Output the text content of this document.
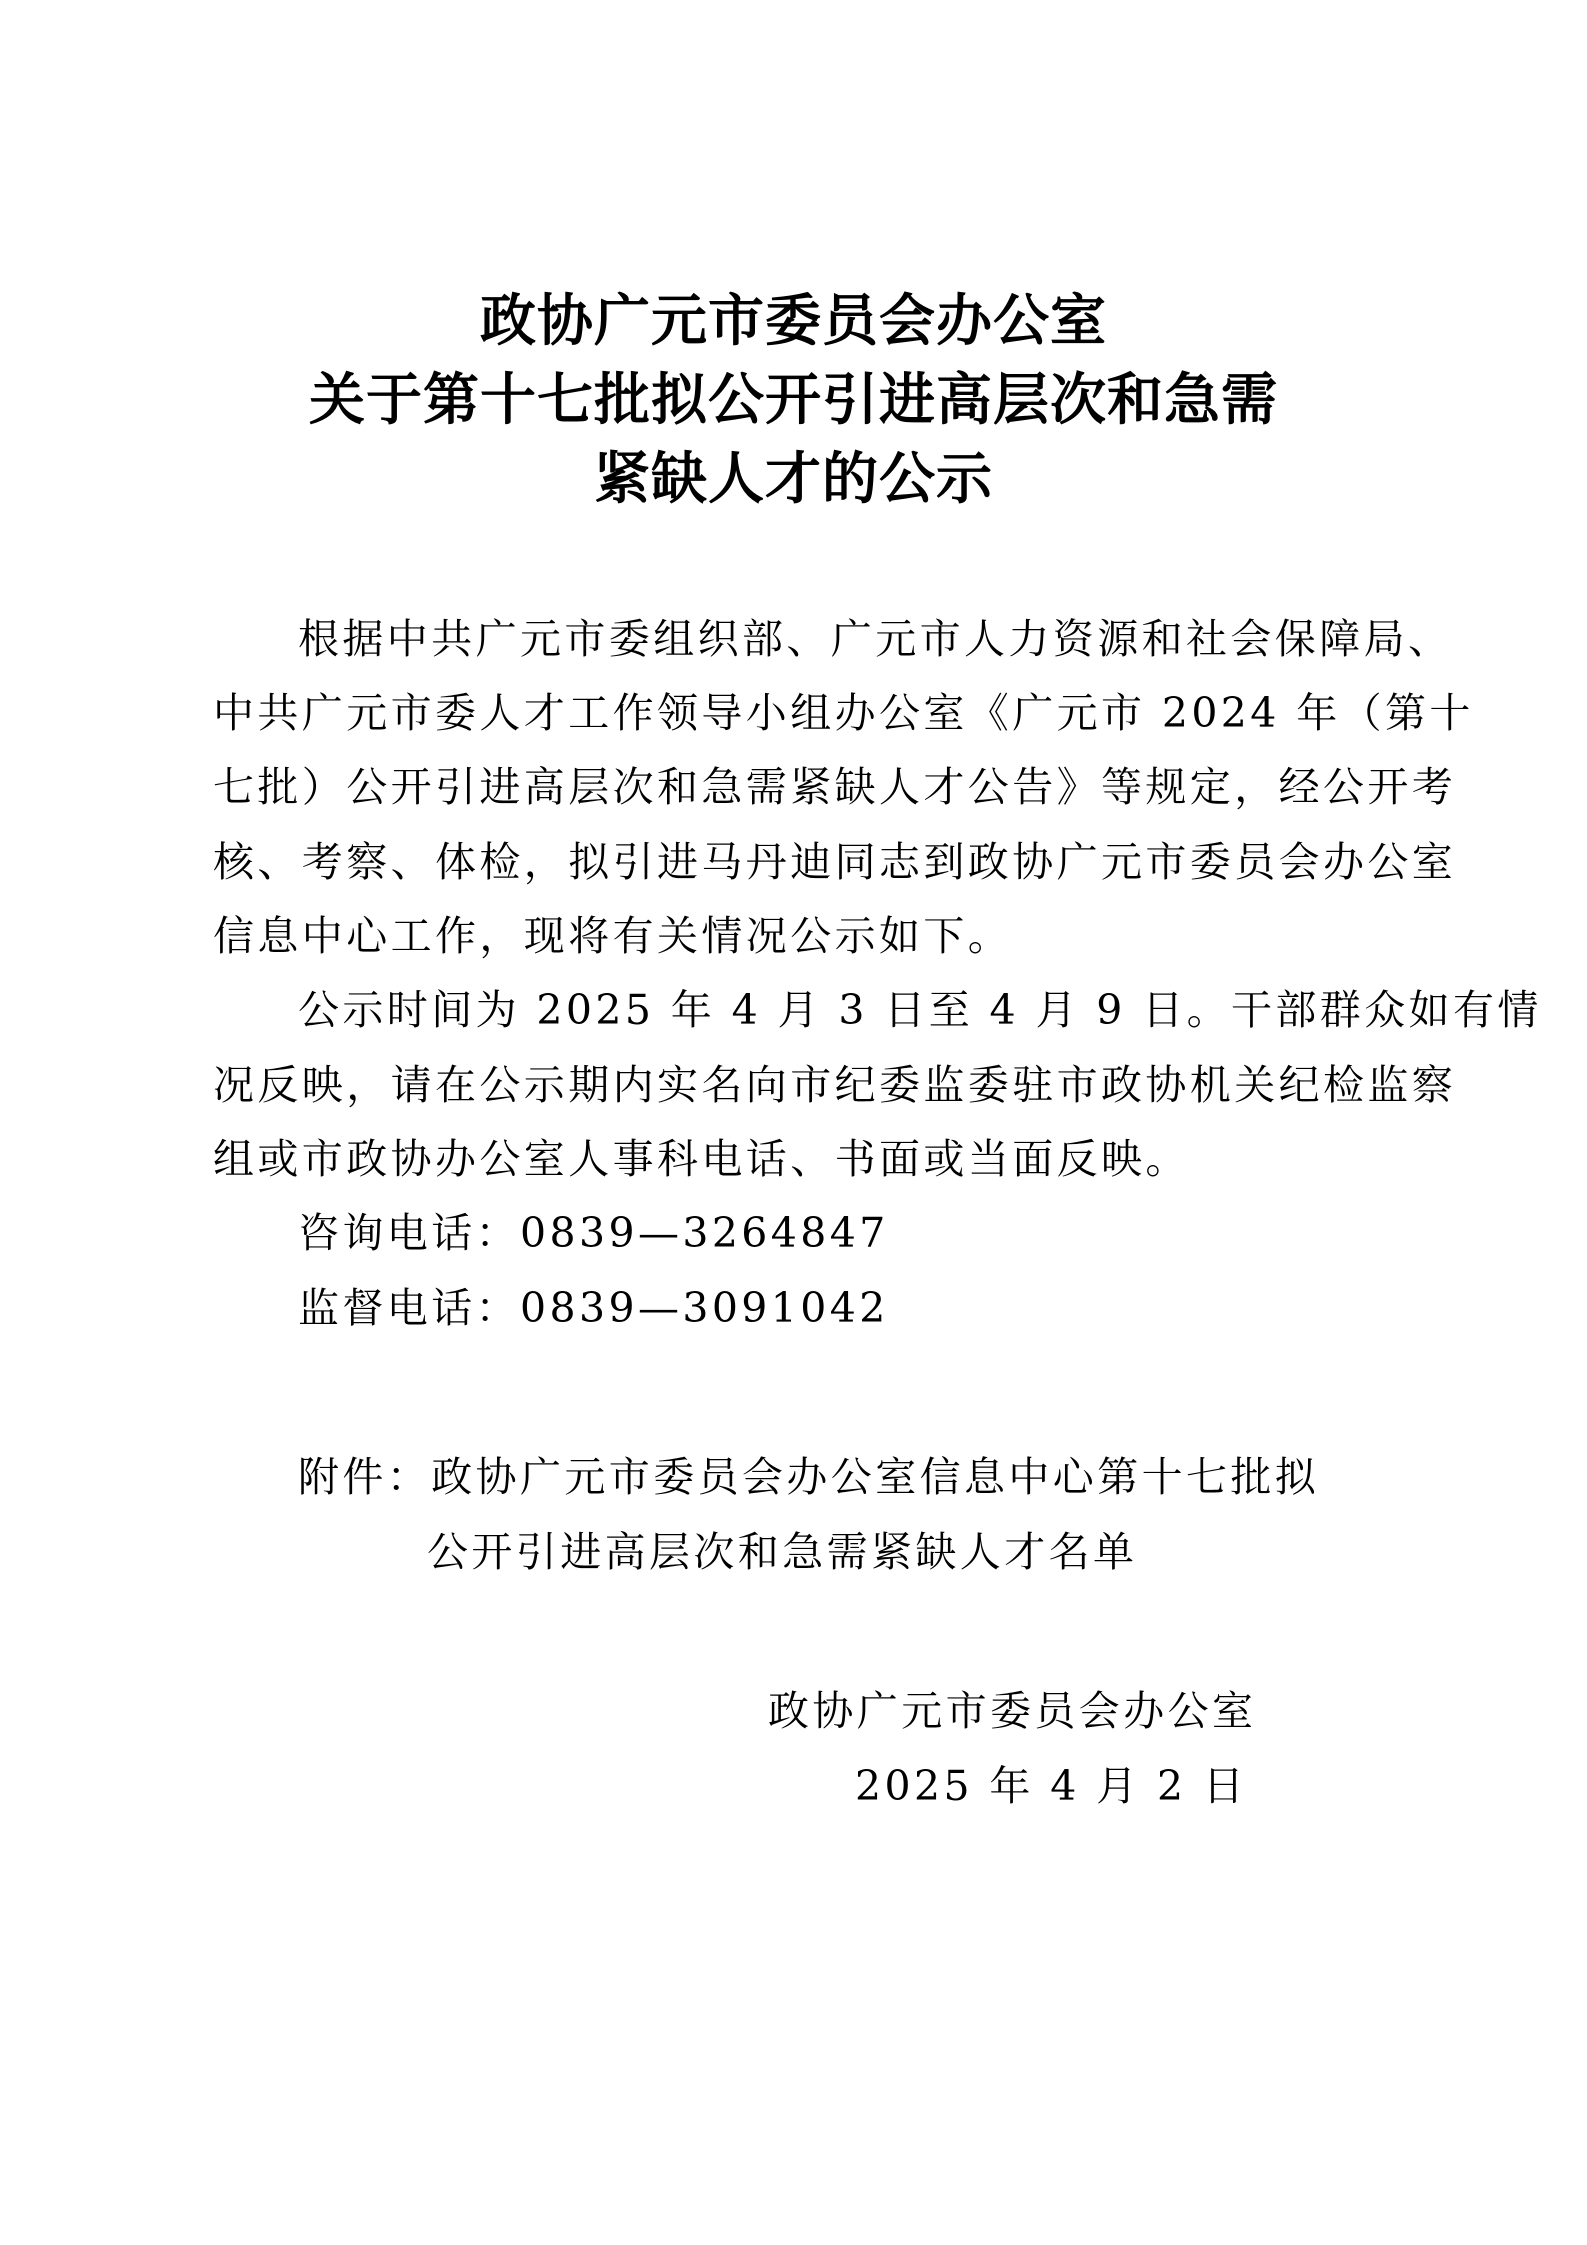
政协广元市委员会办公室
关于第十七批拟公开引进高层次和急需
紧缺人才的公示
根据中共广元市委组织部、广元市人力资源和社会保障局、
中共广元市委人才工作领导小组办公室《广元市 2024 年（第十
七批）公开引进高层次和急需紧缺人才公告》等规定，经公开考
核、考察、体检，拟引进马丹迪同志到政协广元市委员会办公室
信息中心工作，现将有关情况公示如下。
公示时间为 2025 年 4 月 3 日至 4 月 9 日。干部群众如有情
况反映，请在公示期内实名向市纪委监委驻市政协机关纪检监察
组或市政协办公室人事科电话、书面或当面反映。
咨询电话：0839—3264847
监督电话：0839—3091042
附件：政协广元市委员会办公室信息中心第十七批拟
公开引进高层次和急需紧缺人才名单
政协广元市委员会办公室
2025 年 4 月 2 日
